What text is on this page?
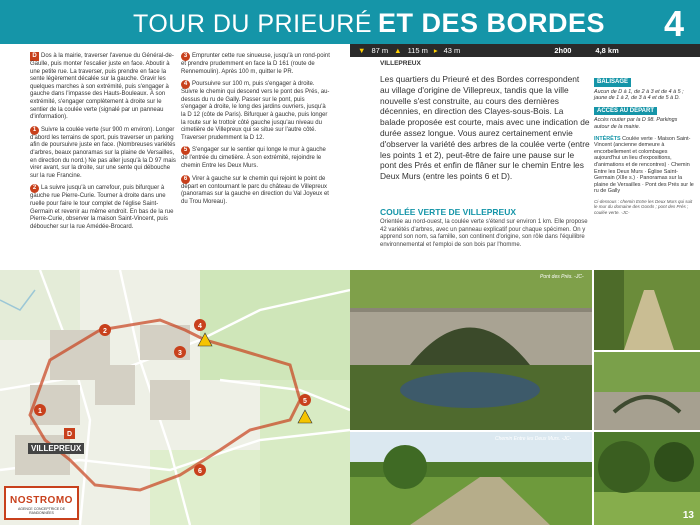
TOUR DU PRIEURÉ ET DES BORDES 4
▼ 87 m ▲ 115 m ▸ 43 m	2h00	4,8 km
VILLEPREUX
D Dos à la mairie, traverser l'avenue du Général-de-Gaulle, puis monter l'escalier juste en face. Aboutir à une petite rue. La traverser, puis prendre en face la sente légèrement décalée sur la gauche. Gravir les quelques marches à son extrémité, puis s'engager à gauche dans l'impasse des Hauts-Bouleaux. À son extrémité, s'engager complètement à droite sur le sentier de la coulée verte (signalé par un panneau d'information).
1 Suivre la coulée verte (sur 900 m environ). Longer d'abord les terrains de sport, puis traverser un parking afin de poursuivre juste en face. (Nombreuses variétés d'arbres, beaux panoramas sur la plaine de Versailles, en direction du nord.) Ne pas aller jusqu'à la D 97 mais virer avant, sur la droite, sur une sente qui débouche sur la rue Francine.
2 La suivre jusqu'à un carrefour, puis bifurquer à gauche rue Pierre-Curie. Tourner à droite dans une ruelle pour faire le tour complet de l'église Saint-Germain et revenir au même endroit. En bas de la rue Pierre-Curie, observer la maison Saint-Vincent, puis déboucher sur la rue Amédée-Brocard.
3 Emprunter cette rue sinueuse, jusqu'à un rond-point et prendre prudemment en face la D 161 (route de Rennemoulin). Après 100 m, quitter le PR.
4 Poursuivre sur 100 m, puis s'engager à droite. Suivre le chemin qui descend vers le pont des Prés, au-dessus du ru de Gally. Passer sur le pont, puis s'engager à droite, le long des jardins ouvriers, jusqu'à la D 12 (côte de Paris). Bifurquer à gauche, puis longer la route sur le trottoir côté gauche jusqu'au niveau du cimetière de Villepreux qui se situe sur l'autre côté. Traverser prudemment la D 12.
5 S'engager sur le sentier qui longe le mur à gauche de l'entrée du cimetière. À son extrémité, rejoindre le chemin Entre les Deux Murs.
6 Virer à gauche sur le chemin qui rejoint le point de départ en contournant le parc du château de Villepreux (panoramas sur la gauche en direction du Val Joyeux et du Trou Moreau).
1
2
3
4
5
6
D
VILLEPREUX
NOSTROMO
AGENCE CONCEPTRICE DE RANDONNÉES
Les quartiers du Prieuré et des Bordes correspondent au village d'origine de Villepreux, tandis que la ville nouvelle s'est construite, au cours des dernières décennies, en direction des Clayes-sous-Bois. La balade proposée est courte, mais avec une indication de durée assez longue. Vous aurez certainement envie d'observer la variété des arbres de la coulée verte (entre les points 1 et 2), peut-être de faire une pause sur le pont des Prés et enfin de flâner sur le chemin Entre les Deux Murs (entre les points 6 et D).
COULÉE VERTE DE VILLEPREUX
Orientée au nord-ouest, la coulée verte s'étend sur environ 1 km. Elle propose 42 variétés d'arbres, avec un panneau explicatif pour chaque spécimen. On y apprend son nom, sa famille, son continent d'origine, son rôle dans l'équilibre environnemental et l'emploi de son bois par l'homme.
BALISAGE
Aucun de D à 1, de 2 à 3 et de 4 à 5 ; jaune de 1 à 2, de 3 à 4 et de 5 à D.
ACCÈS AU DÉPART
Accès routier par la D 98. Parkings autour de la mairie.
INTÉRÊTS Coulée verte · Maison Saint-Vincent (ancienne demeure à encorbellement et colombages aujourd'hui un lieu d'expositions, d'animations et de rencontres) · Chemin Entre les Deux Murs · Église Saint-Germain (XIIe s.) · Panoramas sur la plaine de Versailles · Pont des Prés sur le ru de Gally
Ci-dessous : chemin Entre les Deux Murs qui suit le mur du domaine des Gonds ; pont des Prés ; coulée verte. -JC-
Pont des Prés. -JC-
Chemin Entre les Deux Murs. -JC-
13
